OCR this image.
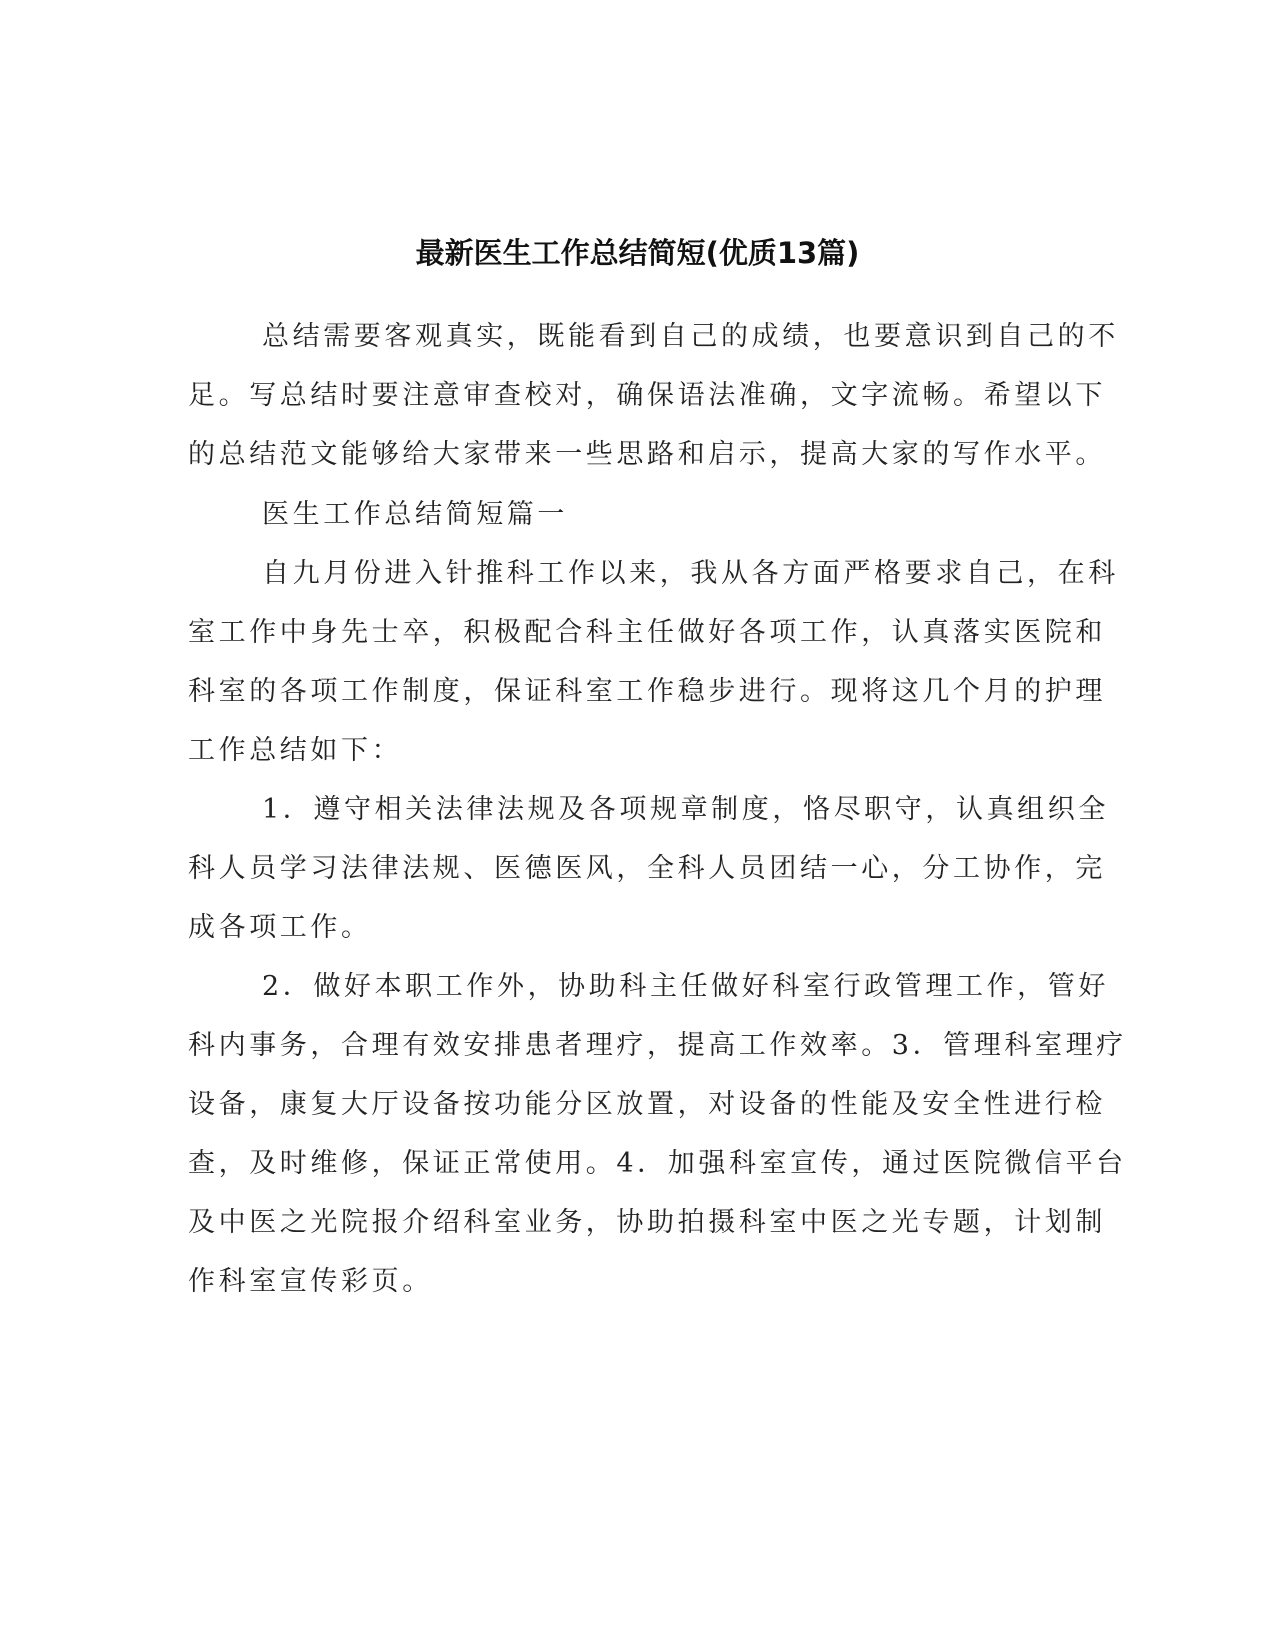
最新医生工作总结简短(优质13篇)

总结需要客观真实，既能看到自己的成绩，也要意识到自己的不

足。写总结时要注意审查校对，确保语法准确，文字流畅。希望以下

的总结范文能够给大家带来一些思路和启示，提高大家的写作水平。

医生工作总结简短篇一

自九月份进入针推科工作以来，我从各方面严格要求自己，在科

室工作中身先士卒，积极配合科主任做好各项工作，认真落实医院和

科室的各项工作制度，保证科室工作稳步进行。现将这几个月的护理

工作总结如下：

1．遵守相关法律法规及各项规章制度，恪尽职守，认真组织全

科人员学习法律法规、医德医风，全科人员团结一心，分工协作，完

成各项工作。

2．做好本职工作外，协助科主任做好科室行政管理工作，管好

科内事务，合理有效安排患者理疗，提高工作效率。3．管理科室理疗

设备，康复大厅设备按功能分区放置，对设备的性能及安全性进行检

查，及时维修，保证正常使用。4．加强科室宣传，通过医院微信平台

及中医之光院报介绍科室业务，协助拍摄科室中医之光专题，计划制

作科室宣传彩页。
